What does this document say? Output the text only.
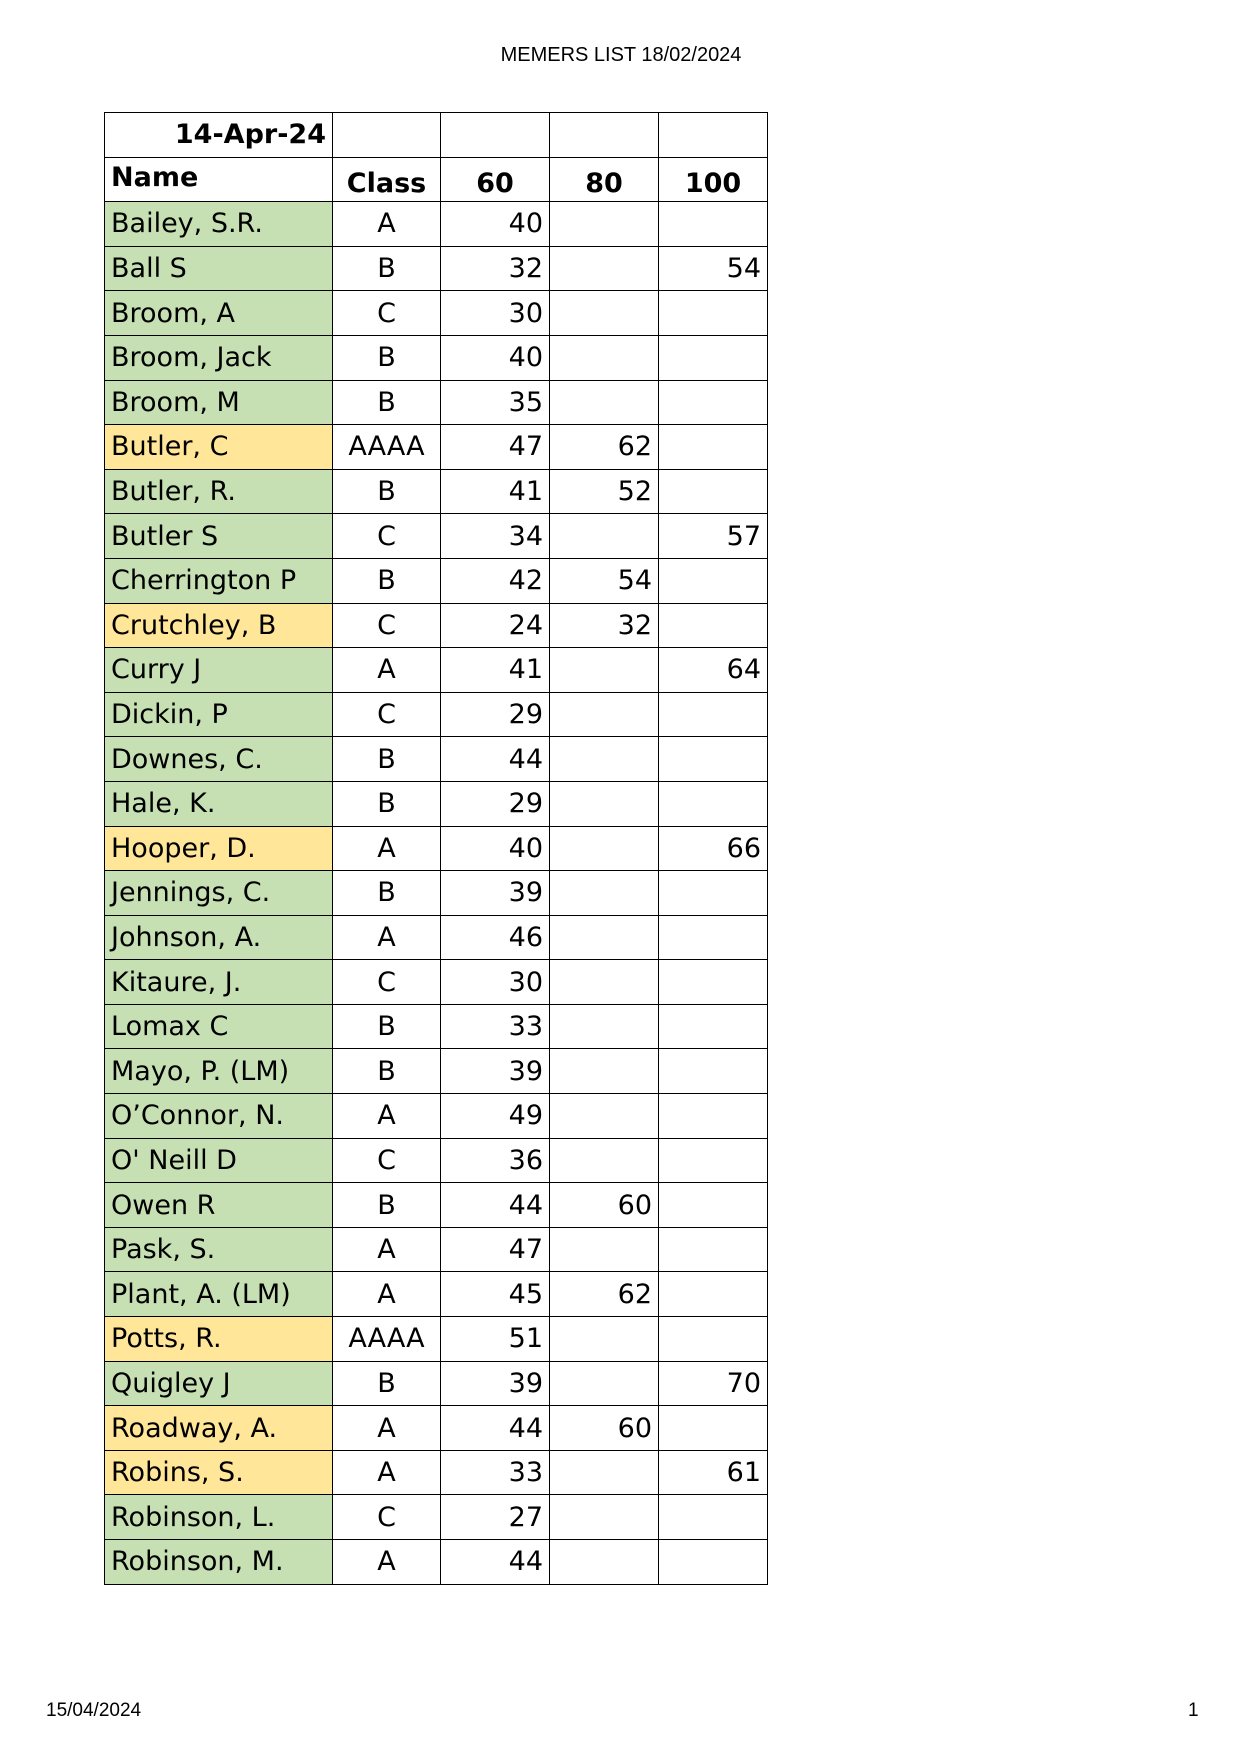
MEMERS LIST 18/02/2024
14-Apr-24				
Name	Class	60	80	100
Bailey, S.R.	A	40		
Ball S	B	32		54
Broom, A	C	30		
Broom, Jack	B	40		
Broom, M	B	35		
Butler, C	AAAA	47	62	
Butler, R.	B	41	52	
Butler S	C	34		57
Cherrington P	B	42	54	
Crutchley, B	C	24	32	
Curry J	A	41		64
Dickin, P	C	29		
Downes, C.	B	44		
Hale, K.	B	29		
Hooper, D.	A	40		66
Jennings, C.	B	39		
Johnson, A.	A	46		
Kitaure, J.	C	30		
Lomax C	B	33		
Mayo, P. (LM)	B	39		
O’Connor, N.	A	49		
O' Neill D	C	36		
Owen R	B	44	60	
Pask, S.	A	47		
Plant, A. (LM)	A	45	62	
Potts, R.	AAAA	51		
Quigley J	B	39		70
Roadway, A.	A	44	60	
Robins, S.	A	33		61
Robinson, L.	C	27		
Robinson, M.	A	44		
15/04/2024	1
